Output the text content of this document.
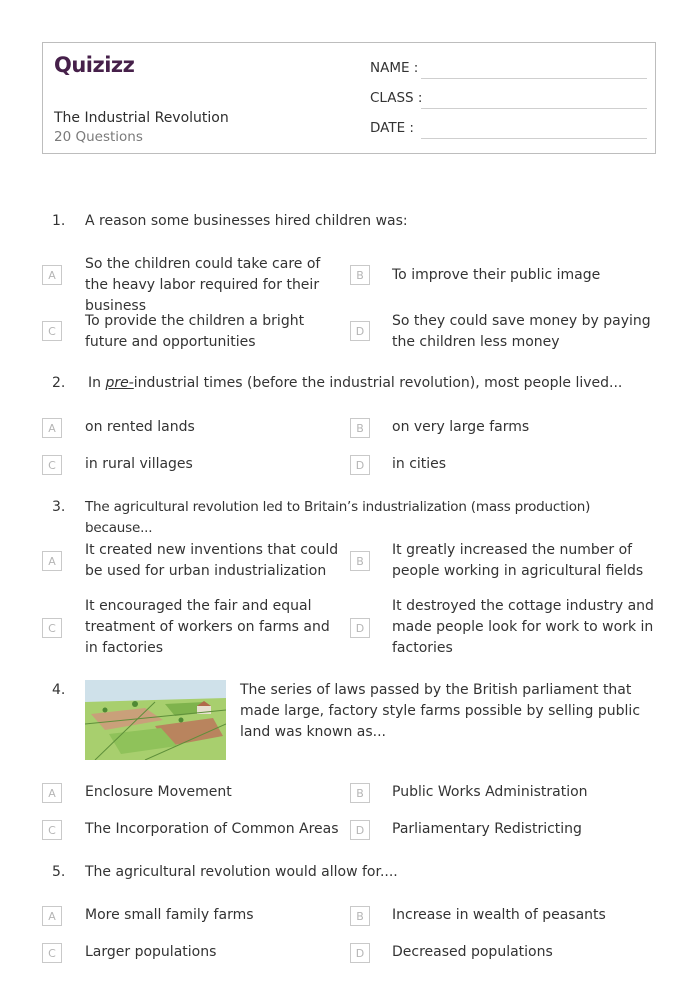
Quizizz
The Industrial Revolution
20 Questions
NAME :
CLASS :
DATE :
1. A reason some businesses hired children was:
A
So the children could take care of the heavy labor required for their business
B	To improve their public image
C
To provide the children a bright future and opportunities
D
So they could save money by paying the children less money
2. In pre-industrial times (before the industrial revolution), most people lived...
A	on rented lands	B	on very large farms
C	in rural villages	D	in cities
3. The agricultural revolution led to Britain’s industrialization (mass production) because...
A
It created new inventions that could be used for urban industrialization
B
It greatly increased the number of people working in agricultural fields
C
It encouraged the fair and equal treatment of workers on farms and in factories
D
It destroyed the cottage industry and made people look for work to work in factories
4.	The series of laws passed by the British parliament that made large, factory style farms possible by selling public land was known as...
A	Enclosure Movement	B	Public Works Administration
C	The Incorporation of Common Areas	D	Parliamentary Redistricting
5. The agricultural revolution would allow for....
A	More small family farms	B	Increase in wealth of peasants
C	Larger populations	D	Decreased populations
